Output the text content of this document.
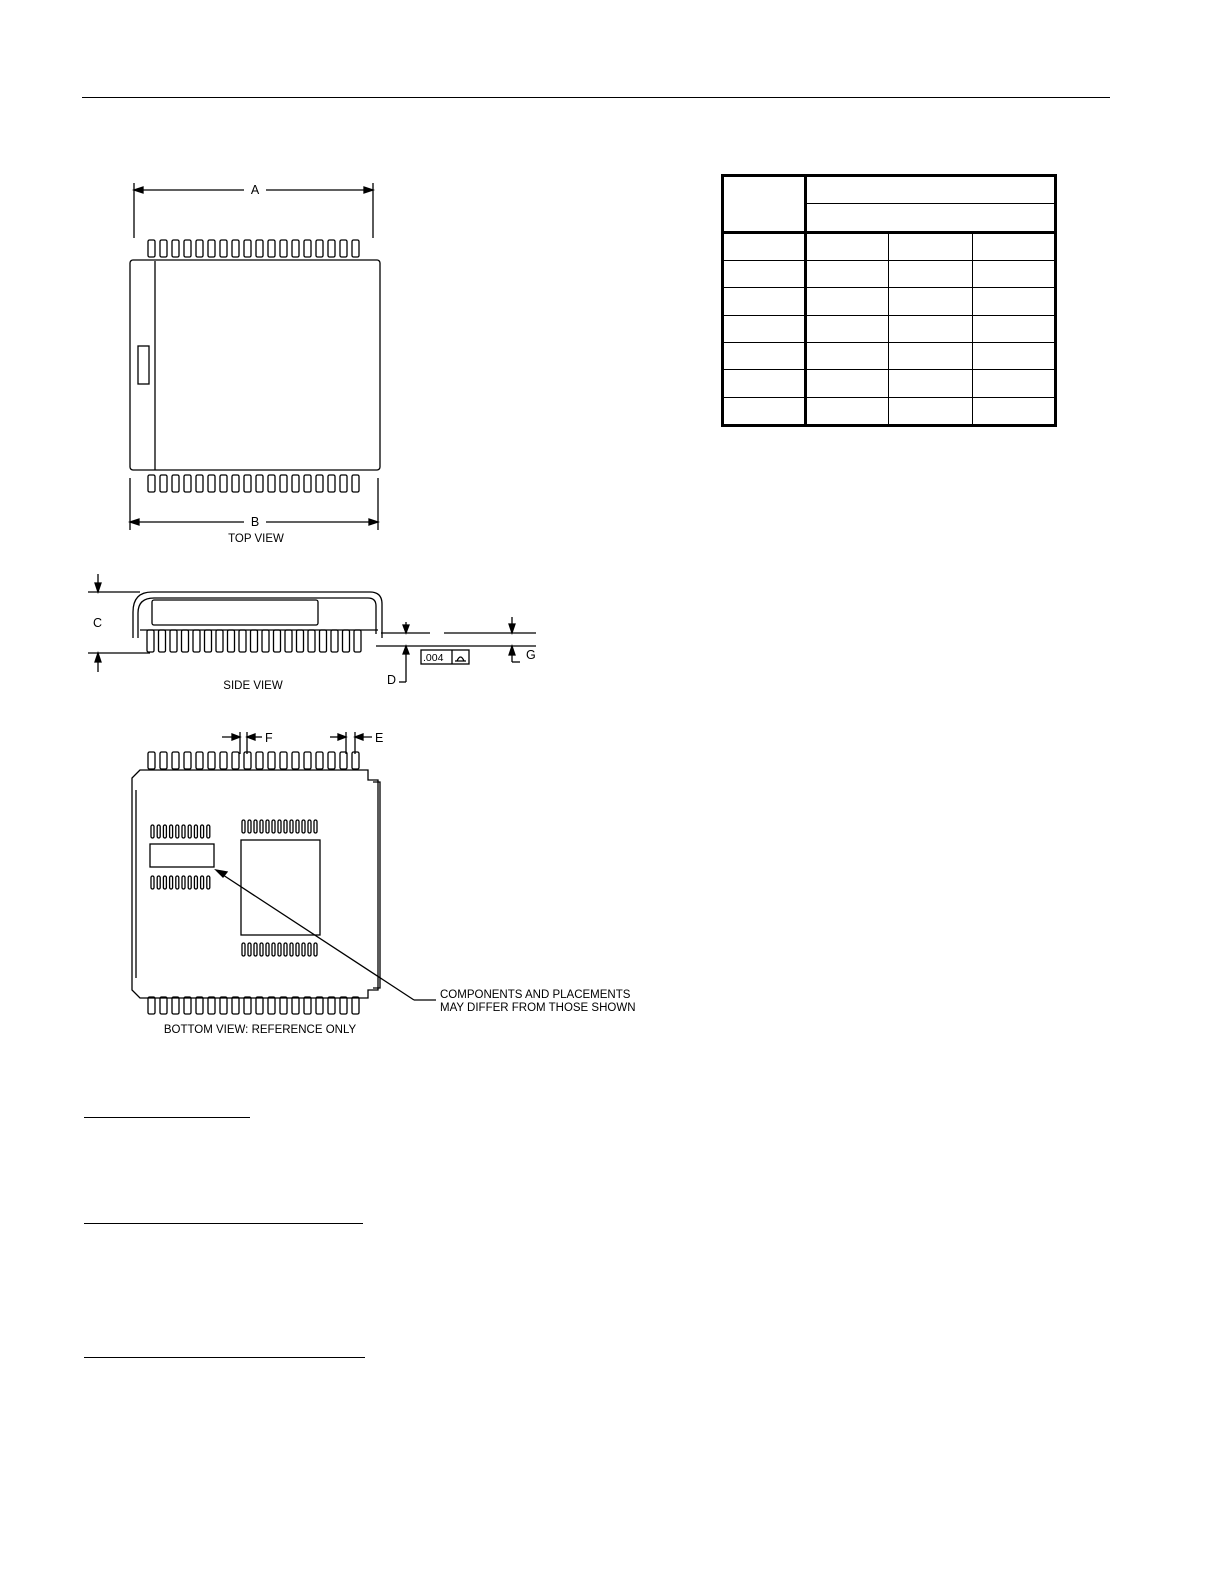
A
B
TOP VIEW
C
SIDE VIEW	D
G
.004
F	E
COMPONENTS AND PLACEMENTS
MAY DIFFER FROM THOSE SHOWN
BOTTOM VIEW: REFERENCE ONLY
